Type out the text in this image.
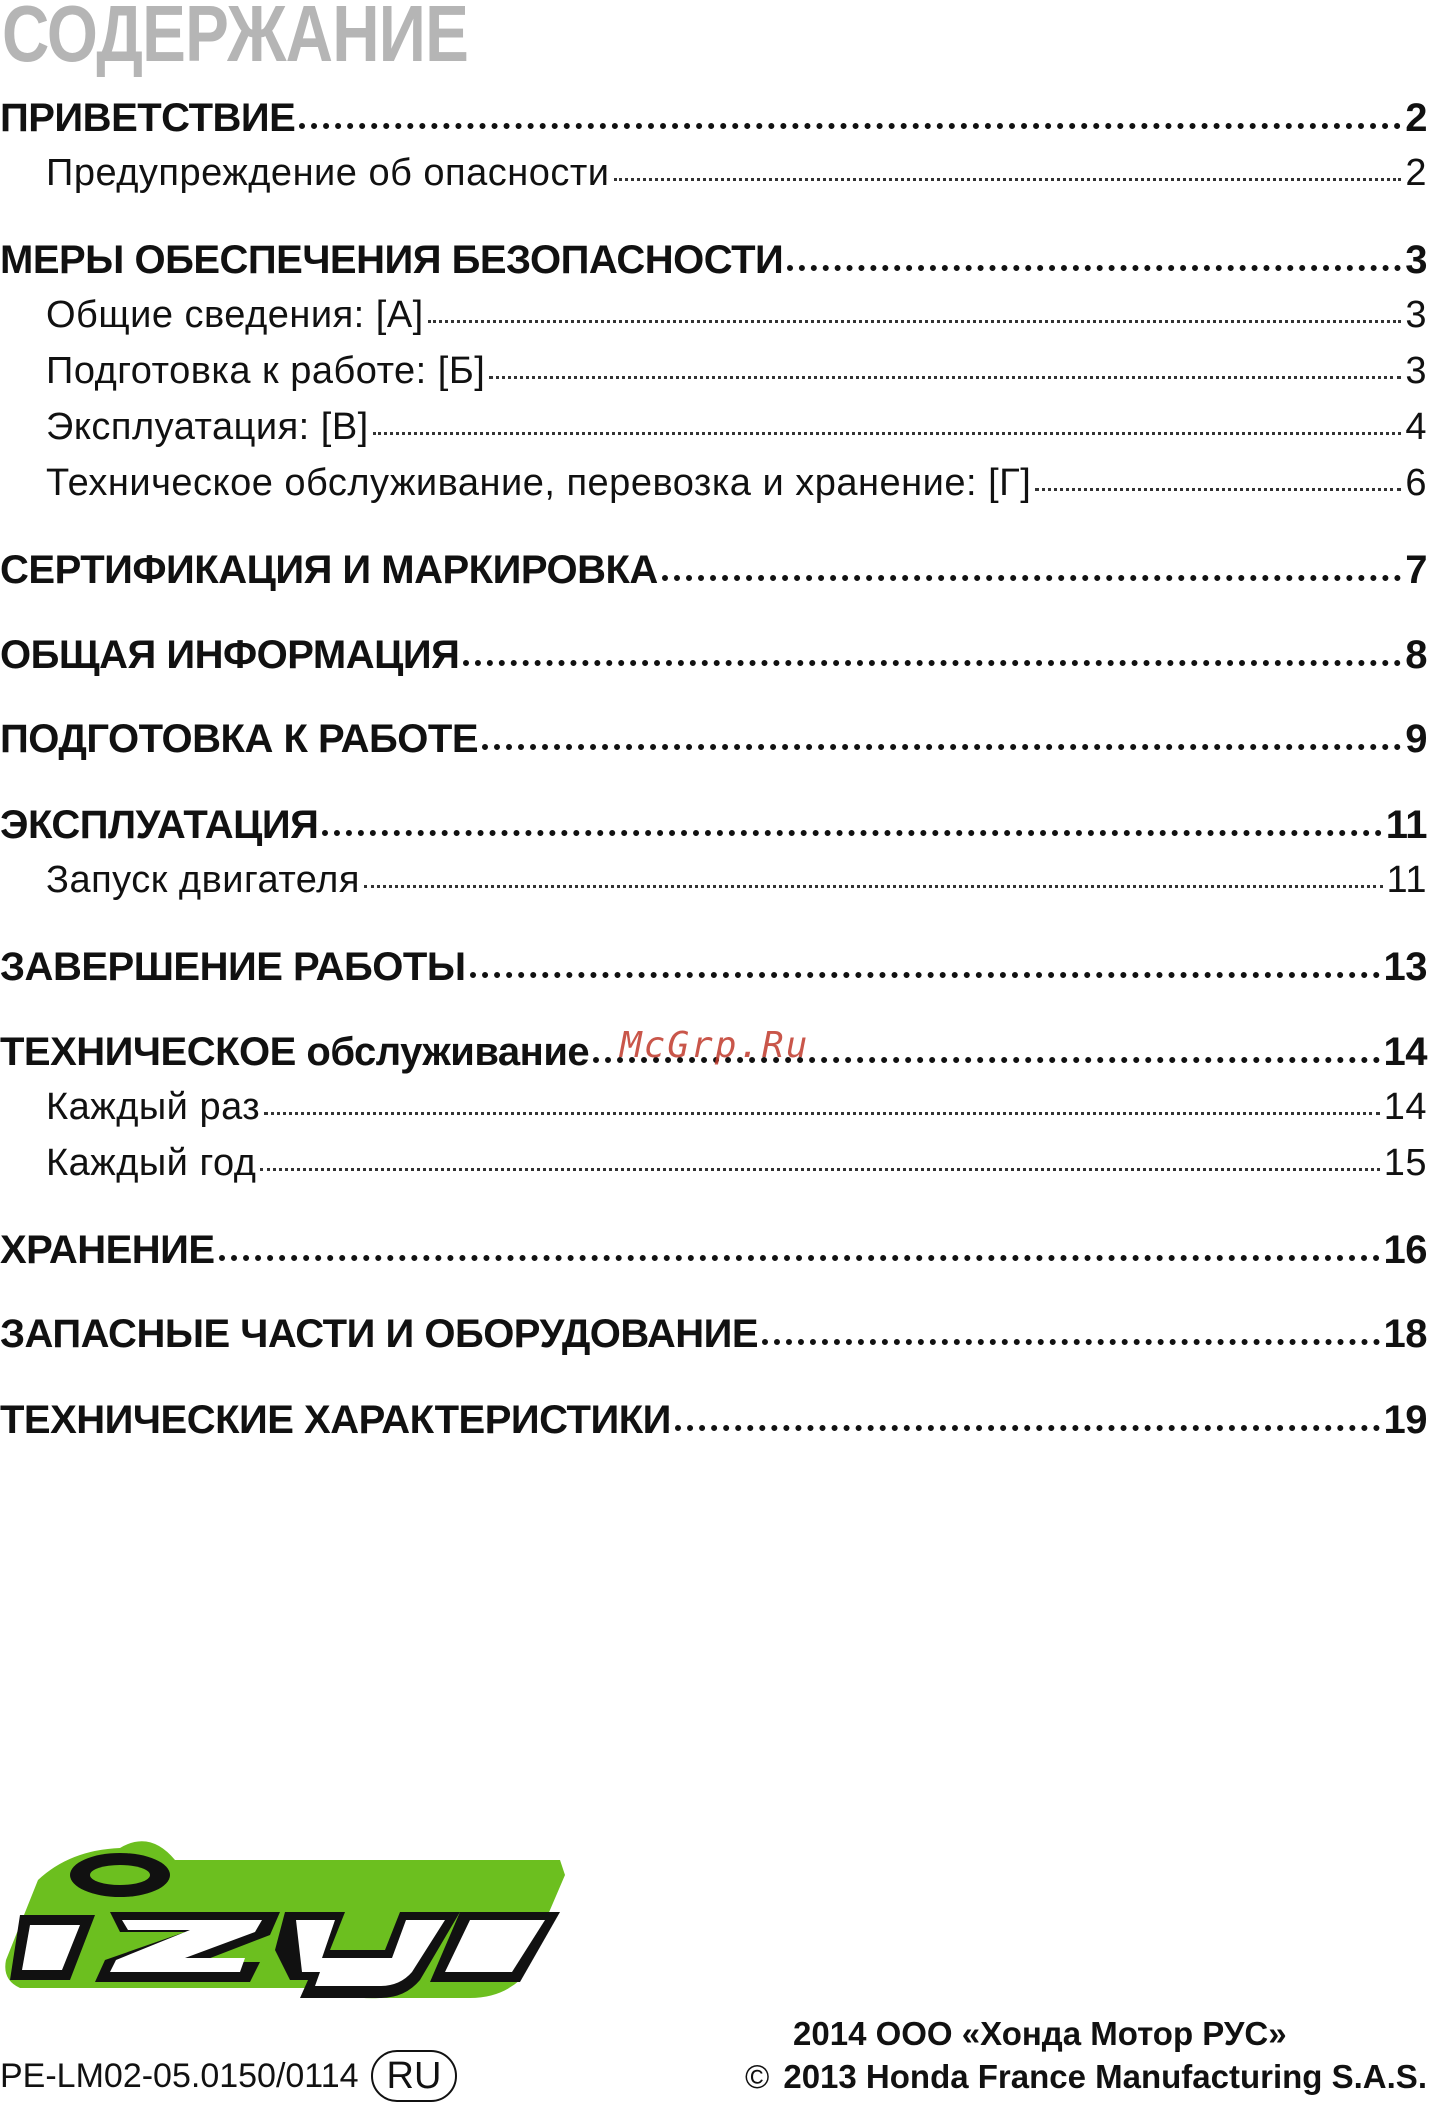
СОДЕРЖАНИЕ
ПРИВЕТСТВИЕ	2
Предупреждение об опасности	2
МЕРЫ ОБЕСПЕЧЕНИЯ БЕЗОПАСНОСТИ	3
Общие сведения: [А]	3
Подготовка к работе: [Б]	3
Эксплуатация: [В]	4
Техническое обслуживание, перевозка и хранение: [Г]	6
СЕРТИФИКАЦИЯ И МАРКИРОВКА	7
ОБЩАЯ ИНФОРМАЦИЯ	8
ПОДГОТОВКА К РАБОТЕ	9
ЭКСПЛУАТАЦИЯ	11
Запуск двигателя	11
ЗАВЕРШЕНИЕ РАБОТЫ	13
ТЕХНИЧЕСКОЕ обслуживание	14
Каждый раз	14
Каждый год	15
ХРАНЕНИЕ	16
ЗАПАСНЫЕ ЧАСТИ И ОБОРУДОВАНИЕ	18
ТЕХНИЧЕСКИЕ ХАРАКТЕРИСТИКИ	19
McGrp.Ru
PE-LM02-05.0150/0114 RU
2014 ООО «Хонда Мотор РУС»
© 2013 Honda France Manufacturing S.A.S.
